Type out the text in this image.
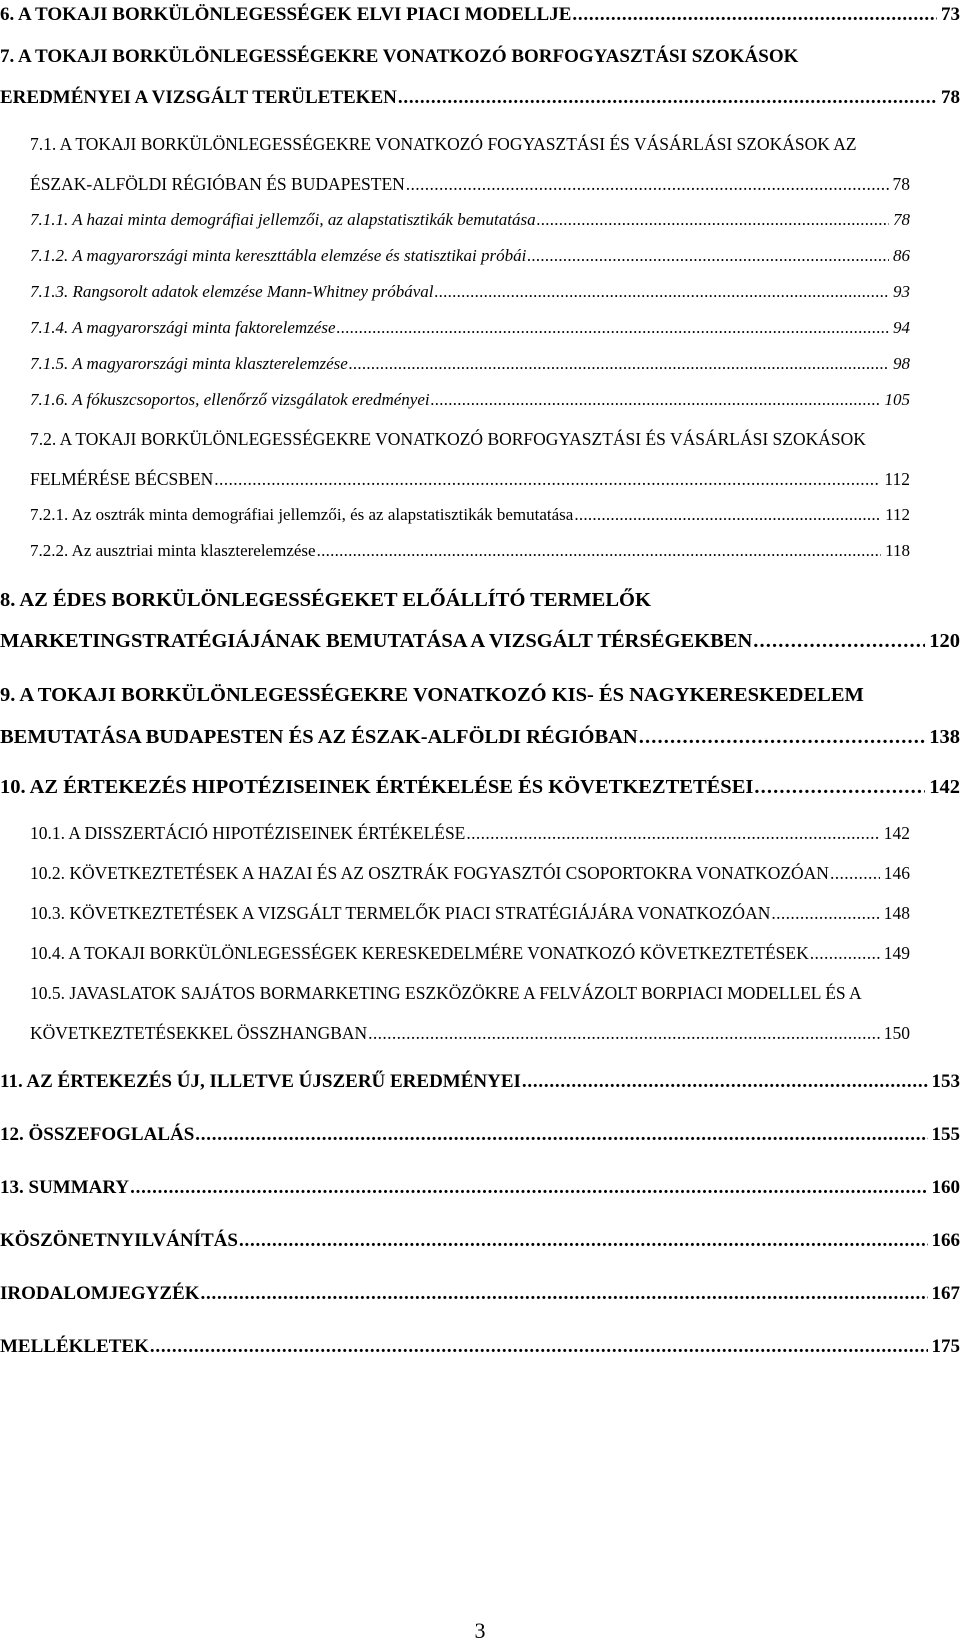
6. A TOKAJI BORKÜLÖNLEGESSÉGEK ELVI PIACI MODELLJE . . .	73
7. A TOKAJI BORKÜLÖNLEGESSÉGEKRE VONATKOZÓ BORFOGYASZTÁSI SZOKÁSOK
EREDMÉNYEI A VIZSGÁLT TERÜLETEKEN . . .	78
7.1. A TOKAJI BORKÜLÖNLEGESSÉGEKRE VONATKOZÓ FOGYASZTÁSI ÉS VÁSÁRLÁSI SZOKÁSOK AZ
ÉSZAK-ALFÖLDI RÉGIÓBAN ÉS BUDAPESTEN . . .	78
7.1.1. A hazai minta demográfiai jellemzői, az alapstatisztikák bemutatása . . .	78
7.1.2. A magyarországi minta kereszttábla elemzése és statisztikai próbái . . .	86
7.1.3. Rangsorolt adatok elemzése Mann-Whitney próbával . . .	93
7.1.4. A magyarországi minta faktorelemzése . . .	94
7.1.5. A magyarországi minta klaszterelemzése . . .	98
7.1.6. A fókuszcsoportos, ellenőrző vizsgálatok eredményei . . .	105
7.2. A TOKAJI BORKÜLÖNLEGESSÉGEKRE VONATKOZÓ BORFOGYASZTÁSI ÉS VÁSÁRLÁSI SZOKÁSOK
FELMÉRÉSE BÉCSBEN . . .	112
7.2.1. Az osztrák minta demográfiai jellemzői, és az alapstatisztikák bemutatása . . .	112
7.2.2. Az ausztriai minta klaszterelemzése . . .	118
8. AZ ÉDES BORKÜLÖNLEGESSÉGEKET ELŐÁLLÍTÓ TERMELŐK
MARKETINGSTRATÉGIÁJÁNAK BEMUTATÁSA A VIZSGÁLT TÉRSÉGEKBEN . . .	120
9. A TOKAJI BORKÜLÖNLEGESSÉGEKRE VONATKOZÓ KIS- ÉS NAGYKERESKEDELEM
BEMUTATÁSA BUDAPESTEN ÉS AZ ÉSZAK-ALFÖLDI RÉGIÓBAN . . .	138
10. AZ ÉRTEKEZÉS HIPOTÉZISEINEK ÉRTÉKELÉSE ÉS KÖVETKEZTETÉSEI . . .	142
10.1. A DISSZERTÁCIÓ HIPOTÉZISEINEK ÉRTÉKELÉSE . . .	142
10.2. KÖVETKEZTETÉSEK A HAZAI ÉS AZ OSZTRÁK FOGYASZTÓI CSOPORTOKRA VONATKOZÓAN . . .	146
10.3. KÖVETKEZTETÉSEK A VIZSGÁLT TERMELŐK PIACI STRATÉGIÁJÁRA VONATKOZÓAN . . .	148
10.4. A TOKAJI BORKÜLÖNLEGESSÉGEK KERESKEDELMÉRE VONATKOZÓ KÖVETKEZTETÉSEK . . .	149
10.5. JAVASLATOK SAJÁTOS BORMARKETING ESZKÖZÖKRE A FELVÁZOLT BORPIACI MODELLEL ÉS A
KÖVETKEZTETÉSEKKEL ÖSSZHANGBAN . . .	150
11. AZ ÉRTEKEZÉS ÚJ, ILLETVE ÚJSZERŰ EREDMÉNYEI . . .	153
12. ÖSSZEFOGLALÁS . . .	155
13. SUMMARY . . .	160
KÖSZÖNETNYILVÁNÍTÁS . . .	166
IRODALOMJEGYZÉK . . .	167
MELLÉKLETEK . . .	175
3
